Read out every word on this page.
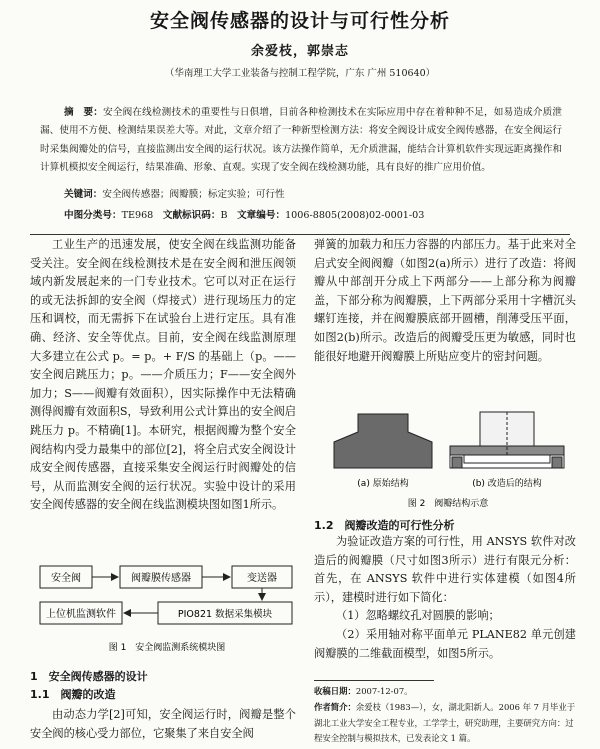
安全阀传感器的设计与可行性分析
余爱枝，郭崇志
（华南理工大学工业装备与控制工程学院，广东 广州 510640）
摘　要：安全阀在线检测技术的重要性与日俱增，目前各种检测技术在实际应用中存在着种种不足，如易造成介质泄漏、使用不方便、检测结果误差大等。对此，文章介绍了一种新型检测方法：将安全阀设计成安全阀传感器，在安全阀运行时采集阀瓣处的信号，直接监测出安全阀的运行状况。该方法操作简单，无介质泄漏，能结合计算机软件实现远距离操作和计算机模拟安全阀运行，结果准确、形象、直观。实现了安全阀在线检测功能，具有良好的推广应用价值。
关键词：安全阀传感器；阀瓣膜；标定实验；可行性
中图分类号：TE968  文献标识码：B  文章编号：1006-8805(2008)02-0001-03

工业生产的迅速发展，使安全阀在线监测功能备受关注。安全阀在线检测技术是在安全阀和泄压阀领域内新发展起来的一门专业技术。它可以对正在运行的或无法拆卸的安全阀（焊接式）进行现场压力的定压和调校，而无需拆下在试验台上进行定压。具有准确、经济、安全等优点。目前，安全阀在线监测原理大多建立在公式 p。= p。+ F/S 的基础上（p。——安全阀启跳压力；p。——介质压力；F——安全阀外加力；S——阀瓣有效面积），因实际操作中无法精确测得阀瓣有效面积S，导致利用公式计算出的安全阀启跳压力 p。不精确[1]。本研究，根据阀瓣为整个安全阀结构内受力最集中的部位[2]，将全启式安全阀设计成安全阀传感器，直接采集安全阀运行时阀瓣处的信号，从而监测安全阀的运行状况。实验中设计的采用安全阀传感器的安全阀在线监测模块图如图1所示。

安全阀	阀瓣膜传感器	变送器
上位机监测软件	PIO821 数据采集模块
图 1　安全阀监测系统模块图
1　安全阀传感器的设计
1.1　阀瓣的改造

由动态力学[2]可知，安全阀运行时，阀瓣是整个安全阀的核心受力部位，它聚集了来自安全阀

弹簧的加载力和压力容器的内部压力。基于此来对全启式安全阀阀瓣（如图2(a)所示）进行了改造：将阀瓣从中部剖开分成上下两部分——上部分称为阀瓣盖，下部分称为阀瓣膜，上下两部分采用十字槽沉头螺钉连接，并在阀瓣膜底部开圆槽，削薄受压平面，如图2(b)所示。改造后的阀瓣受压更为敏感，同时也能很好地避开阀瓣膜上所贴应变片的密封问题。

(a) 原始结构	(b) 改造后的结构
图 2　阀瓣结构示意
1.2　阀瓣改造的可行性分析

为验证改造方案的可行性，用 ANSYS 软件对改造后的阀瓣膜（尺寸如图3所示）进行有限元分析：首先，在 ANSYS 软件中进行实体建模（如图4所示），建模时进行如下简化：

（1）忽略螺纹孔对圆膜的影响；

（2）采用轴对称平面单元 PLANE82 单元创建阀瓣膜的二维截面模型，如图5所示。

收稿日期：2007-12-07。
作者简介：余爱枝（1983—），女，湖北阳新人。2006 年 7 月毕业于湖北工业大学安全工程专业，工学学士，研究助理，主要研究方向：过程安全控制与模拟技术，已发表论文 1 篇。
